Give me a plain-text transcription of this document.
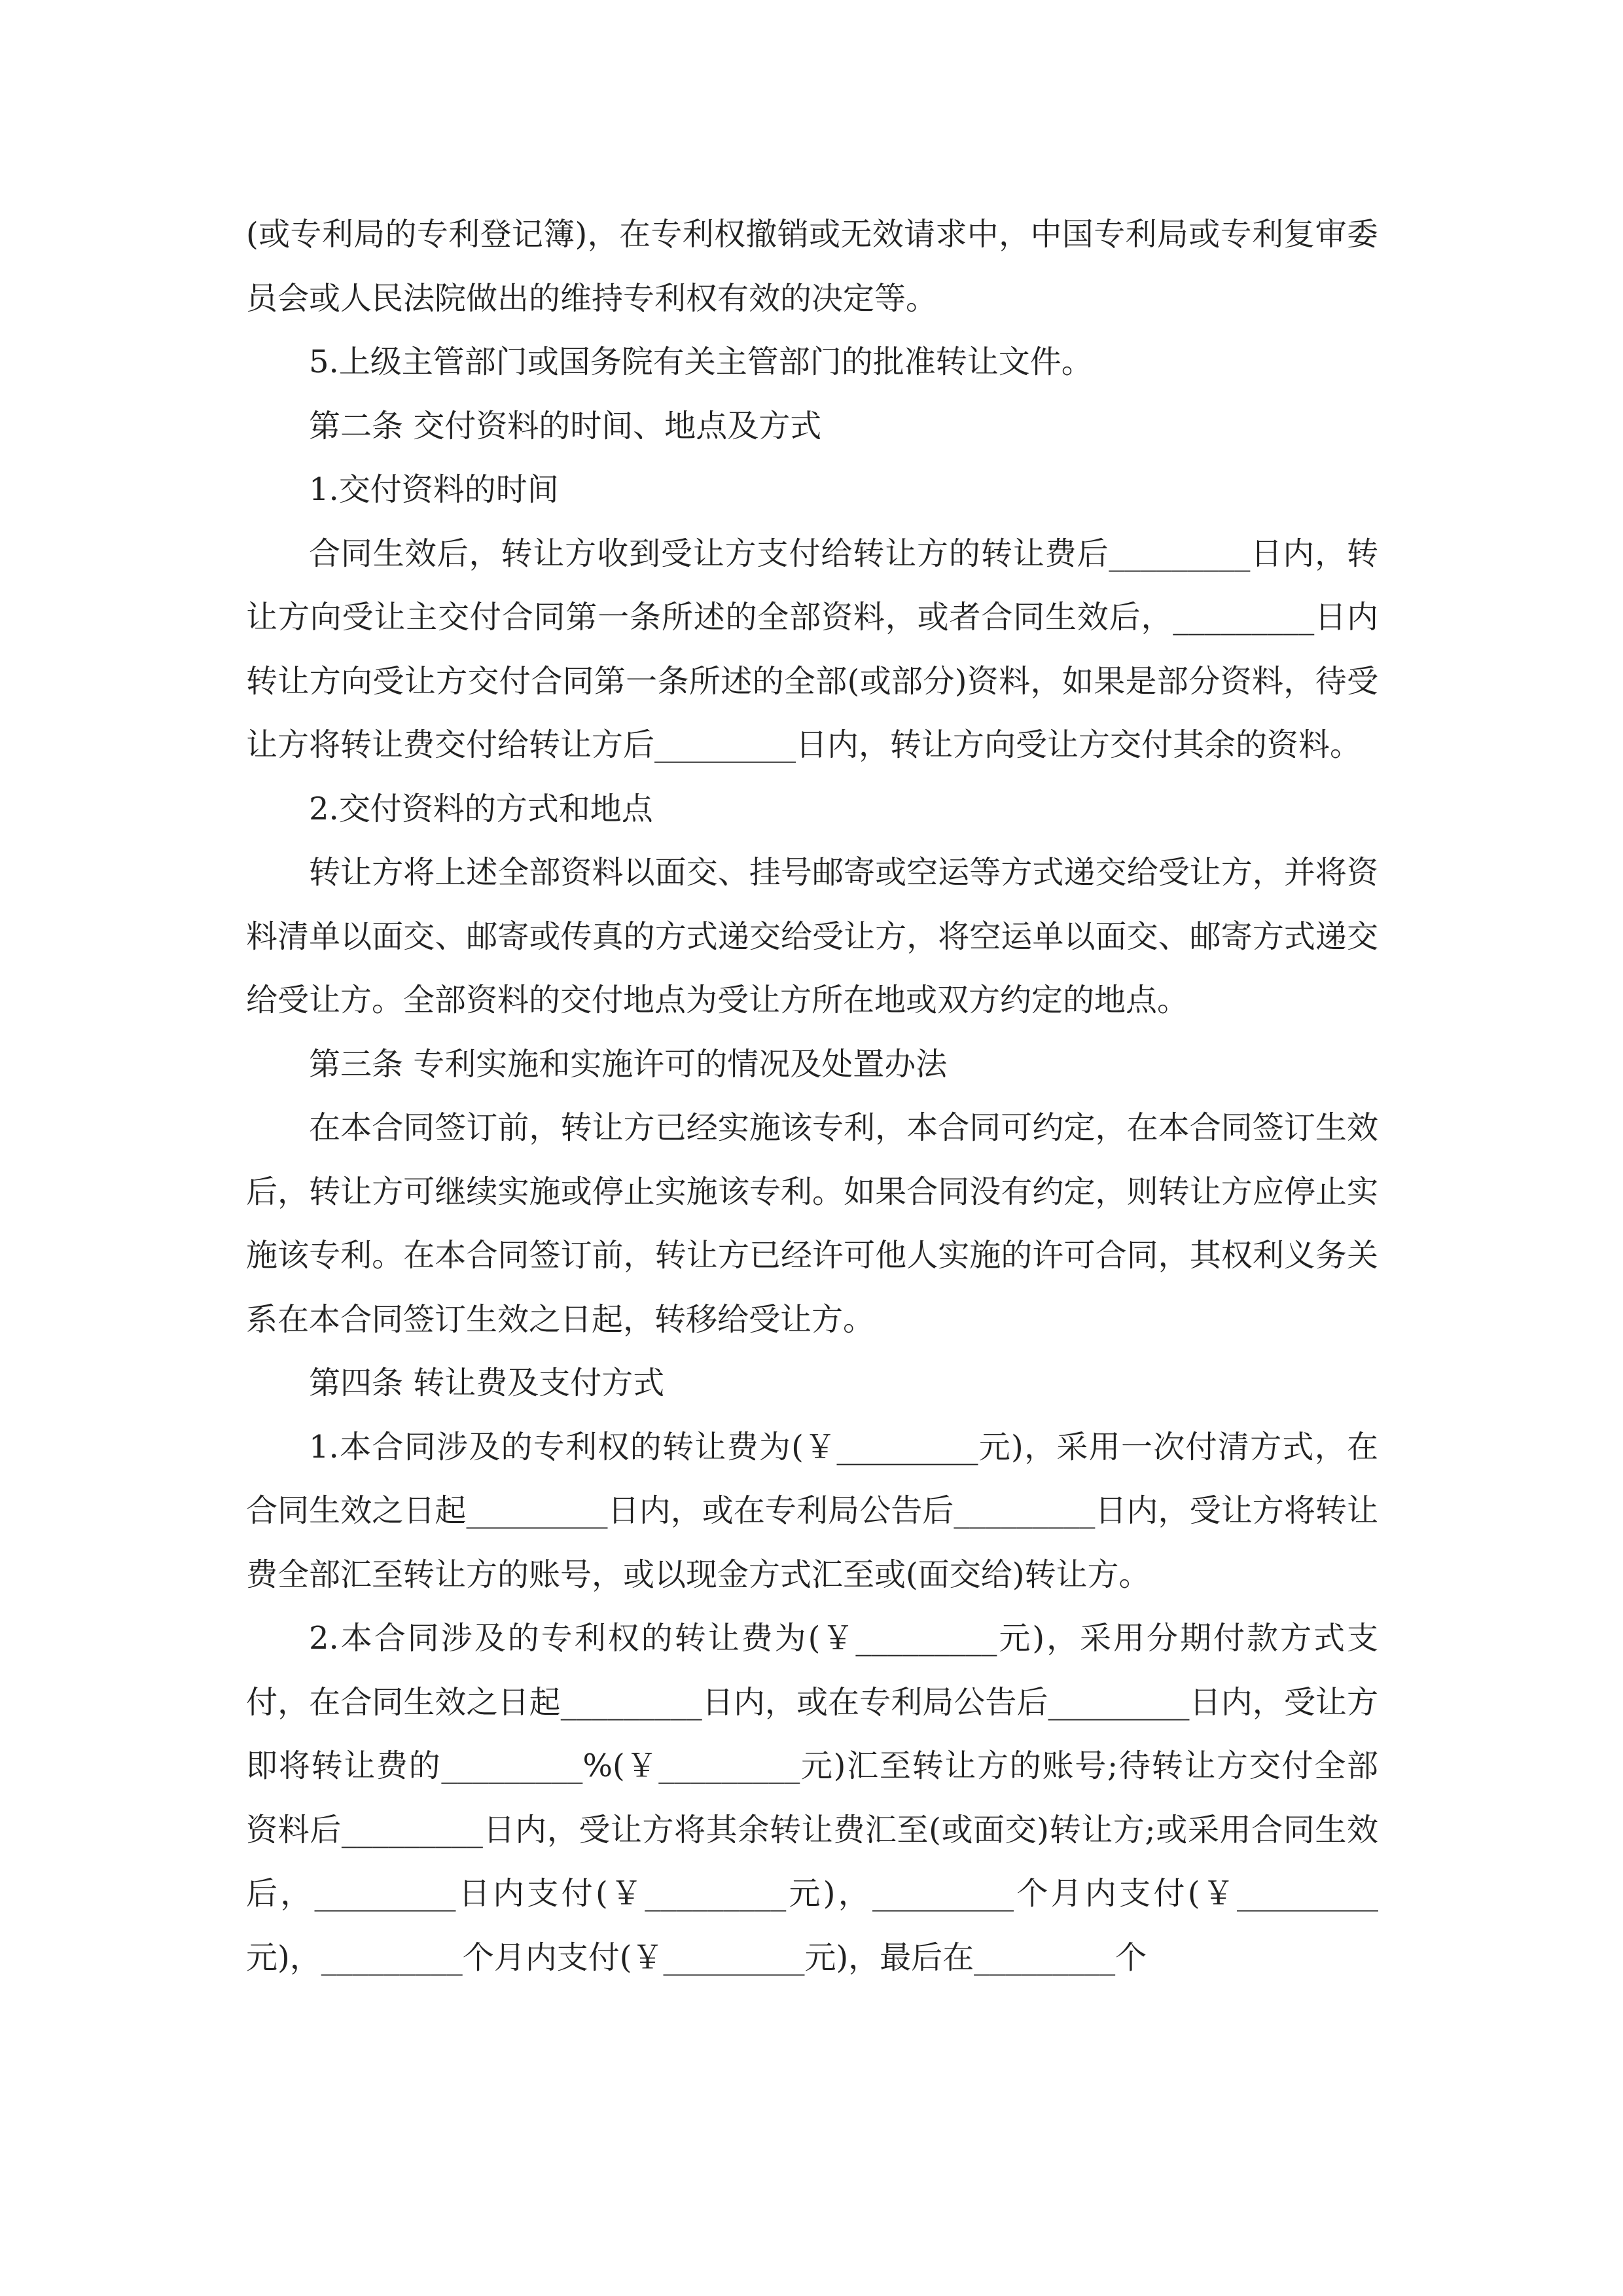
(或专利局的专利登记簿)，在专利权撤销或无效请求中，中国专利局或专利复审委员会或人民法院做出的维持专利权有效的决定等。

5.上级主管部门或国务院有关主管部门的批准转让文件。

第二条 交付资料的时间、地点及方式

1.交付资料的时间

合同生效后，转让方收到受让方支付给转让方的转让费后_________日内，转让方向受让主交付合同第一条所述的全部资料，或者合同生效后，_________日内转让方向受让方交付合同第一条所述的全部(或部分)资料，如果是部分资料，待受让方将转让费交付给转让方后_________日内，转让方向受让方交付其余的资料。

2.交付资料的方式和地点

转让方将上述全部资料以面交、挂号邮寄或空运等方式递交给受让方，并将资料清单以面交、邮寄或传真的方式递交给受让方，将空运单以面交、邮寄方式递交给受让方。全部资料的交付地点为受让方所在地或双方约定的地点。

第三条 专利实施和实施许可的情况及处置办法

在本合同签订前，转让方已经实施该专利，本合同可约定，在本合同签订生效后，转让方可继续实施或停止实施该专利。如果合同没有约定，则转让方应停止实施该专利。在本合同签订前，转让方已经许可他人实施的许可合同，其权利义务关系在本合同签订生效之日起，转移给受让方。

第四条 转让费及支付方式

1.本合同涉及的专利权的转让费为(￥_________元)，采用一次付清方式，在合同生效之日起_________日内，或在专利局公告后_________日内，受让方将转让费全部汇至转让方的账号，或以现金方式汇至或(面交给)转让方。

2.本合同涉及的专利权的转让费为(￥_________元)，采用分期付款方式支付，在合同生效之日起_________日内，或在专利局公告后_________日内，受让方即将转让费的_________%(￥_________元)汇至转让方的账号;待转让方交付全部资料后_________日内，受让方将其余转让费汇至(或面交)转让方;或采用合同生效后，_________日内支付(￥_________元)，_________个月内支付(￥_________元)，_________个月内支付(￥_________元)，最后在_________个
